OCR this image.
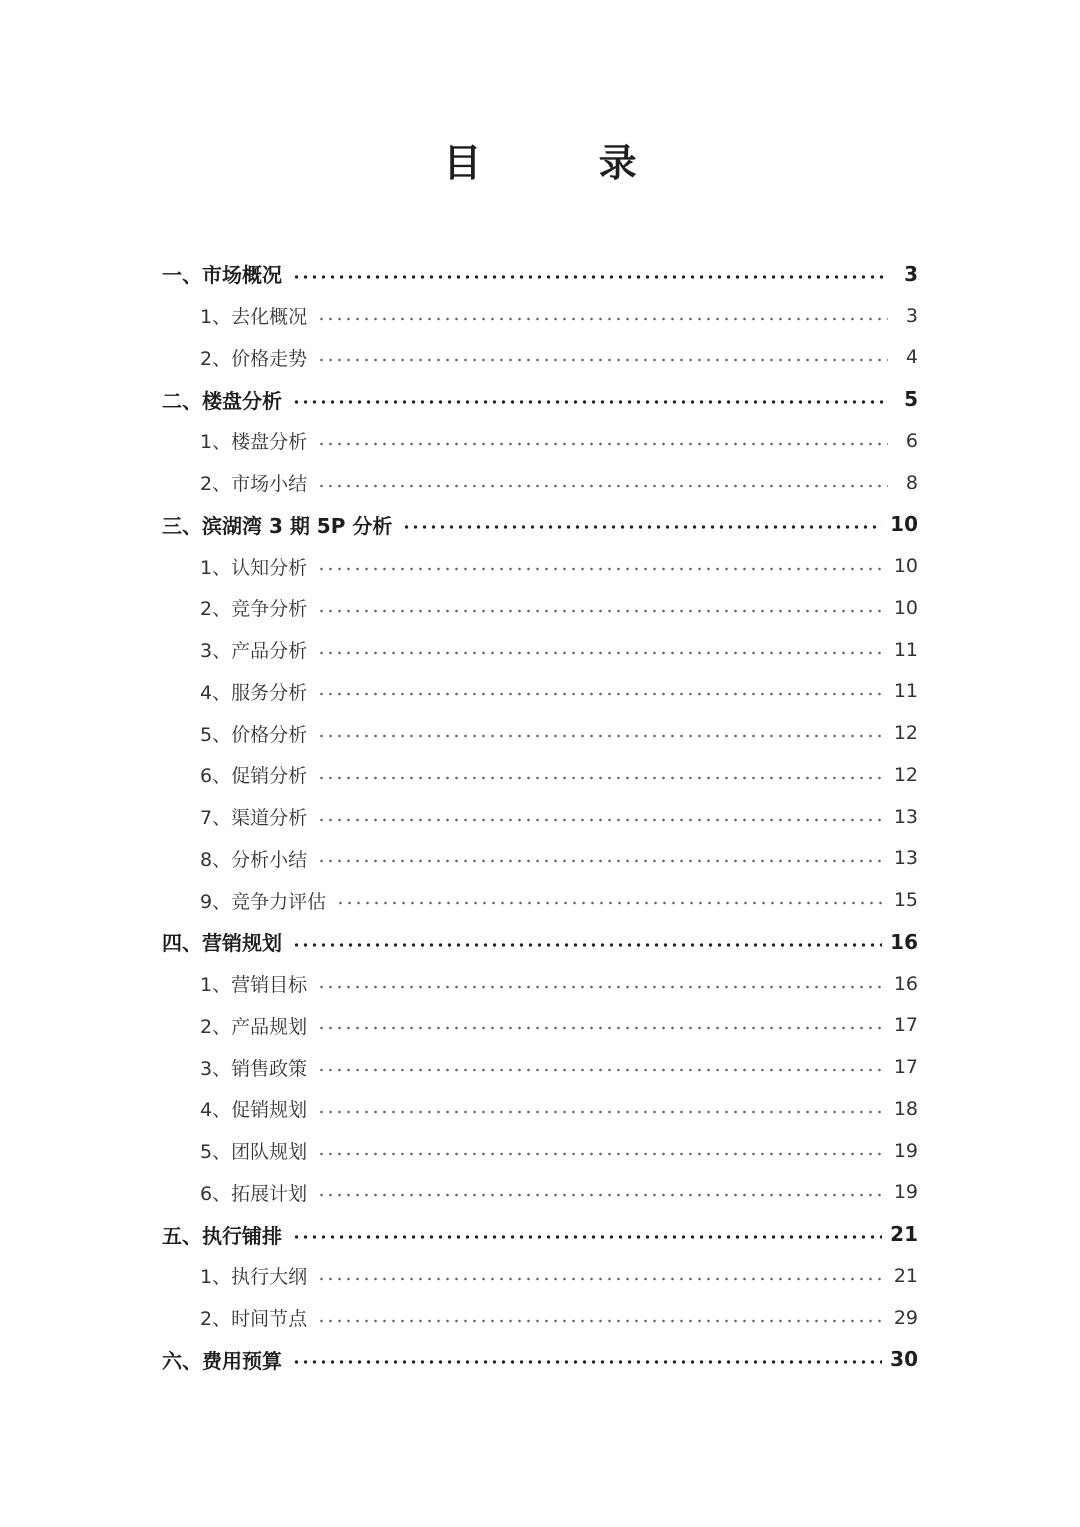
目 录
一、市场概况	3
1、去化概况	3
2、价格走势	4
二、楼盘分析	5
1、楼盘分析	6
2、市场小结	8
三、滨湖湾 3 期 5P 分析	10
1、认知分析	10
2、竞争分析	10
3、产品分析	11
4、服务分析	11
5、价格分析	12
6、促销分析	12
7、渠道分析	13
8、分析小结	13
9、竞争力评估	15
四、营销规划	16
1、营销目标	16
2、产品规划	17
3、销售政策	17
4、促销规划	18
5、团队规划	19
6、拓展计划	19
五、执行铺排	21
1、执行大纲	21
2、时间节点	29
六、费用预算	30
